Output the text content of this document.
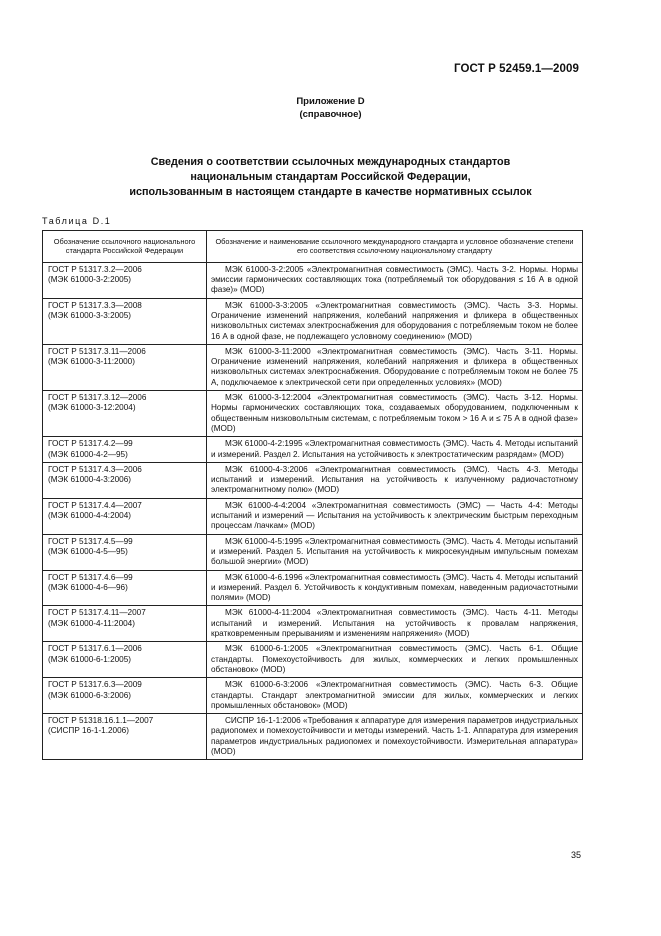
ГОСТ Р 52459.1—2009
Приложение D
(справочное)
Сведения о соответствии ссылочных международных стандартов
национальным стандартам Российской Федерации,
использованным в настоящем стандарте в качестве нормативных ссылок
Таблица D.1
Обозначение ссылочного национального стандарта Российской Федерации	Обозначение и наименование ссылочного международного стандарта и условное обозначение степени его соответствия ссылочному национальному стандарту

ГОСТ Р 51317.3.2—2006
(МЭК 61000-3-2:2005)	МЭК 61000-3-2:2005 «Электромагнитная совместимость (ЭМС). Часть 3-2. Нормы. Нормы эмиссии гармонических составляющих тока (потребляемый ток оборудования ≤ 16 А в одной фазе)» (MOD)

ГОСТ Р 51317.3.3—2008
(МЭК 61000-3-3:2005)	МЭК 61000-3-3:2005 «Электромагнитная совместимость (ЭМС). Часть 3-3. Нормы. Ограничение изменений напряжения, колебаний напряжения и фликера в общественных низковольтных системах электроснабжения для оборудования с потребляемым током не более 16 А в одной фазе, не подлежащего условному соединению» (MOD)

ГОСТ Р 51317.3.11—2006
(МЭК 61000-3-11:2000)	МЭК 61000-3-11:2000 «Электромагнитная совместимость (ЭМС). Часть 3-11. Нормы. Ограничение изменений напряжения, колебаний напряжения и фликера в общественных низковольтных системах электроснабжения. Оборудование с потребляемым током не более 75 А, подключаемое к электрической сети при определенных условиях» (MOD)

ГОСТ Р 51317.3.12—2006
(МЭК 61000-3-12:2004)	МЭК 61000-3-12:2004 «Электромагнитная совместимость (ЭМС). Часть 3-12. Нормы. Нормы гармонических составляющих тока, создаваемых оборудованием, подключенным к общественным низковольтным системам, с потребляемым током > 16 А и ≤ 75 А в одной фазе» (MOD)

ГОСТ Р 51317.4.2—99
(МЭК 61000-4-2—95)	МЭК 61000-4-2:1995 «Электромагнитная совместимость (ЭМС). Часть 4. Методы испытаний и измерений. Раздел 2. Испытания на устойчивость к электростатическим разрядам» (MOD)

ГОСТ Р 51317.4.3—2006
(МЭК 61000-4-3:2006)	МЭК 61000-4-3:2006 «Электромагнитная совместимость (ЭМС). Часть 4-3. Методы испытаний и измерений. Испытания на устойчивость к излученному радиочастотному электромагнитному полю» (MOD)

ГОСТ Р 51317.4.4—2007
(МЭК 61000-4-4:2004)	МЭК 61000-4-4:2004 «Электромагнитная совместимость (ЭМС) — Часть 4-4: Методы испытаний и измерений — Испытания на устойчивость к электрическим быстрым переходным процессам /пачкам» (MOD)

ГОСТ Р 51317.4.5—99
(МЭК 61000-4-5—95)	МЭК 61000-4-5:1995 «Электромагнитная совместимость (ЭМС). Часть 4. Методы испытаний и измерений. Раздел 5. Испытания на устойчивость к микросекундным импульсным помехам большой энергии» (MOD)

ГОСТ Р 51317.4.6—99
(МЭК 61000-4-6—96)	МЭК 61000-4-6.1996 «Электромагнитная совместимость (ЭМС). Часть 4. Методы испытаний и измерений. Раздел 6. Устойчивость к кондуктивным помехам, наведенным радиочастотными полями» (MOD)

ГОСТ Р 51317.4.11—2007
(МЭК 61000-4-11:2004)	МЭК 61000-4-11:2004 «Электромагнитная совместимость (ЭМС). Часть 4-11. Методы испытаний и измерений. Испытания на устойчивость к провалам напряжения, кратковременным прерываниям и изменениям напряжения» (MOD)

ГОСТ Р 51317.6.1—2006
(МЭК 61000-6-1:2005)	МЭК 61000-6-1:2005 «Электромагнитная совместимость (ЭМС). Часть 6-1. Общие стандарты. Помехоустойчивость для жилых, коммерческих и легких промышленных обстановок» (MOD)

ГОСТ Р 51317.6.3—2009
(МЭК 61000-6-3:2006)	МЭК 61000-6-3:2006 «Электромагнитная совместимость (ЭМС). Часть 6-3. Общие стандарты. Стандарт электромагнитной эмиссии для жилых, коммерческих и легких промышленных обстановок» (MOD)

ГОСТ Р 51318.16.1.1—2007
(СИСПР 16-1-1.2006)	СИСПР 16-1-1:2006 «Требования к аппаратуре для измерения параметров индустриальных радиопомех и помехоустойчивости и методы измерений. Часть 1-1. Аппаратура для измерения параметров индустриальных радиопомех и помехоустойчивости. Измерительная аппаратура» (MOD)
35
